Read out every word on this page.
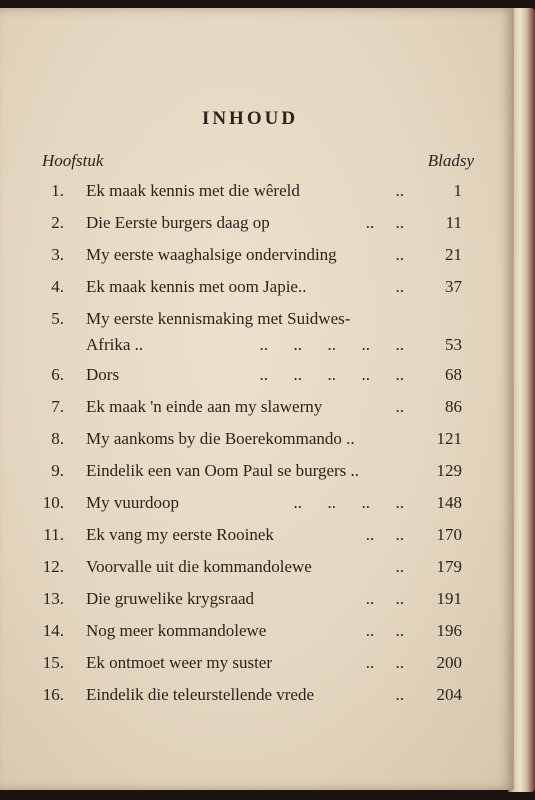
INHOUD
Hoofstuk	Bladsy
1. Ek maak kennis met die wêreld	..	1
2. Die Eerste burgers daag op	..     .. 11
3. My eerste waaghalsige ondervinding	.. 21
4. Ek maak kennis met oom Japie..	.. 37
5. My eerste kennismaking met Suidwes-
Afrika ..	..      ..      ..      ..      .. 53
6. Dors	..      ..      ..      ..      .. 68
7. Ek maak 'n einde aan my slawerny	.. 86
8. My aankoms by die Boerekommando ..	121
9. Eindelik een van Oom Paul se burgers ..	129
10. My vuurdoop	..      ..      ..      .. 148
11. Ek vang my eerste Rooinek	..     .. 170
12. Voorvalle uit die kommandolewe	.. 179
13. Die gruwelike krygsraad	..     .. 191
14. Nog meer kommandolewe	..     .. 196
15. Ek ontmoet weer my suster	..     .. 200
16. Eindelik die teleurstellende vrede	.. 204
